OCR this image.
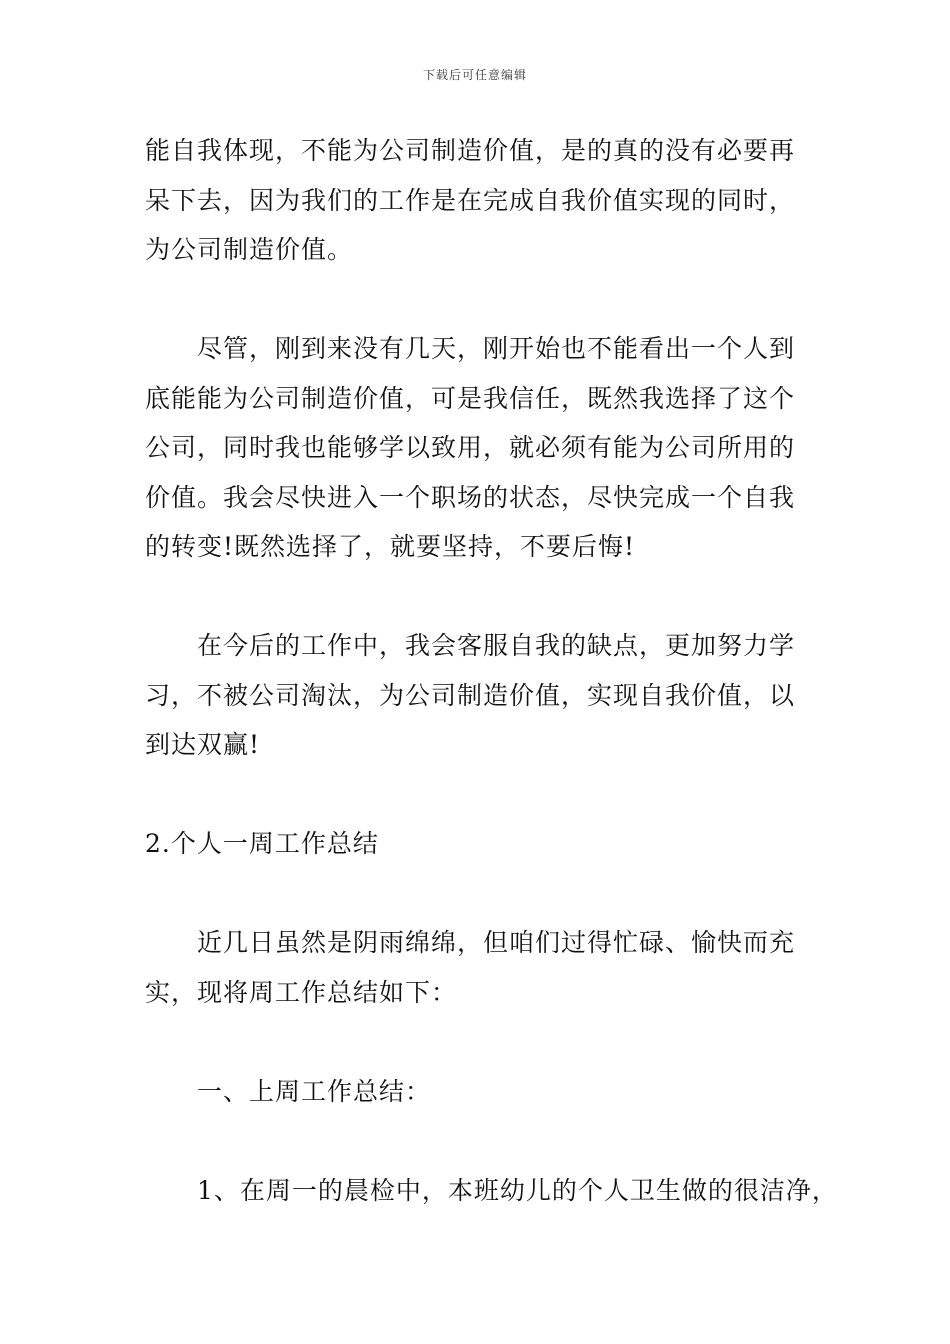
下载后可任意编辑
能自我体现，不能为公司制造价值，是的真的没有必要再
呆下去，因为我们的工作是在完成自我价值实现的同时，
为公司制造价值。
尽管，刚到来没有几天，刚开始也不能看出一个人到
底能能为公司制造价值，可是我信任，既然我选择了这个
公司，同时我也能够学以致用，就必须有能为公司所用的
价值。我会尽快进入一个职场的状态，尽快完成一个自我
的转变!既然选择了，就要坚持，不要后悔!
在今后的工作中，我会客服自我的缺点，更加努力学
习，不被公司淘汰，为公司制造价值，实现自我价值，以
到达双赢!
2.个人一周工作总结
近几日虽然是阴雨绵绵，但咱们过得忙碌、愉快而充
实，现将周工作总结如下：
一、上周工作总结：
1、在周一的晨检中，本班幼儿的个人卫生做的很洁净，
